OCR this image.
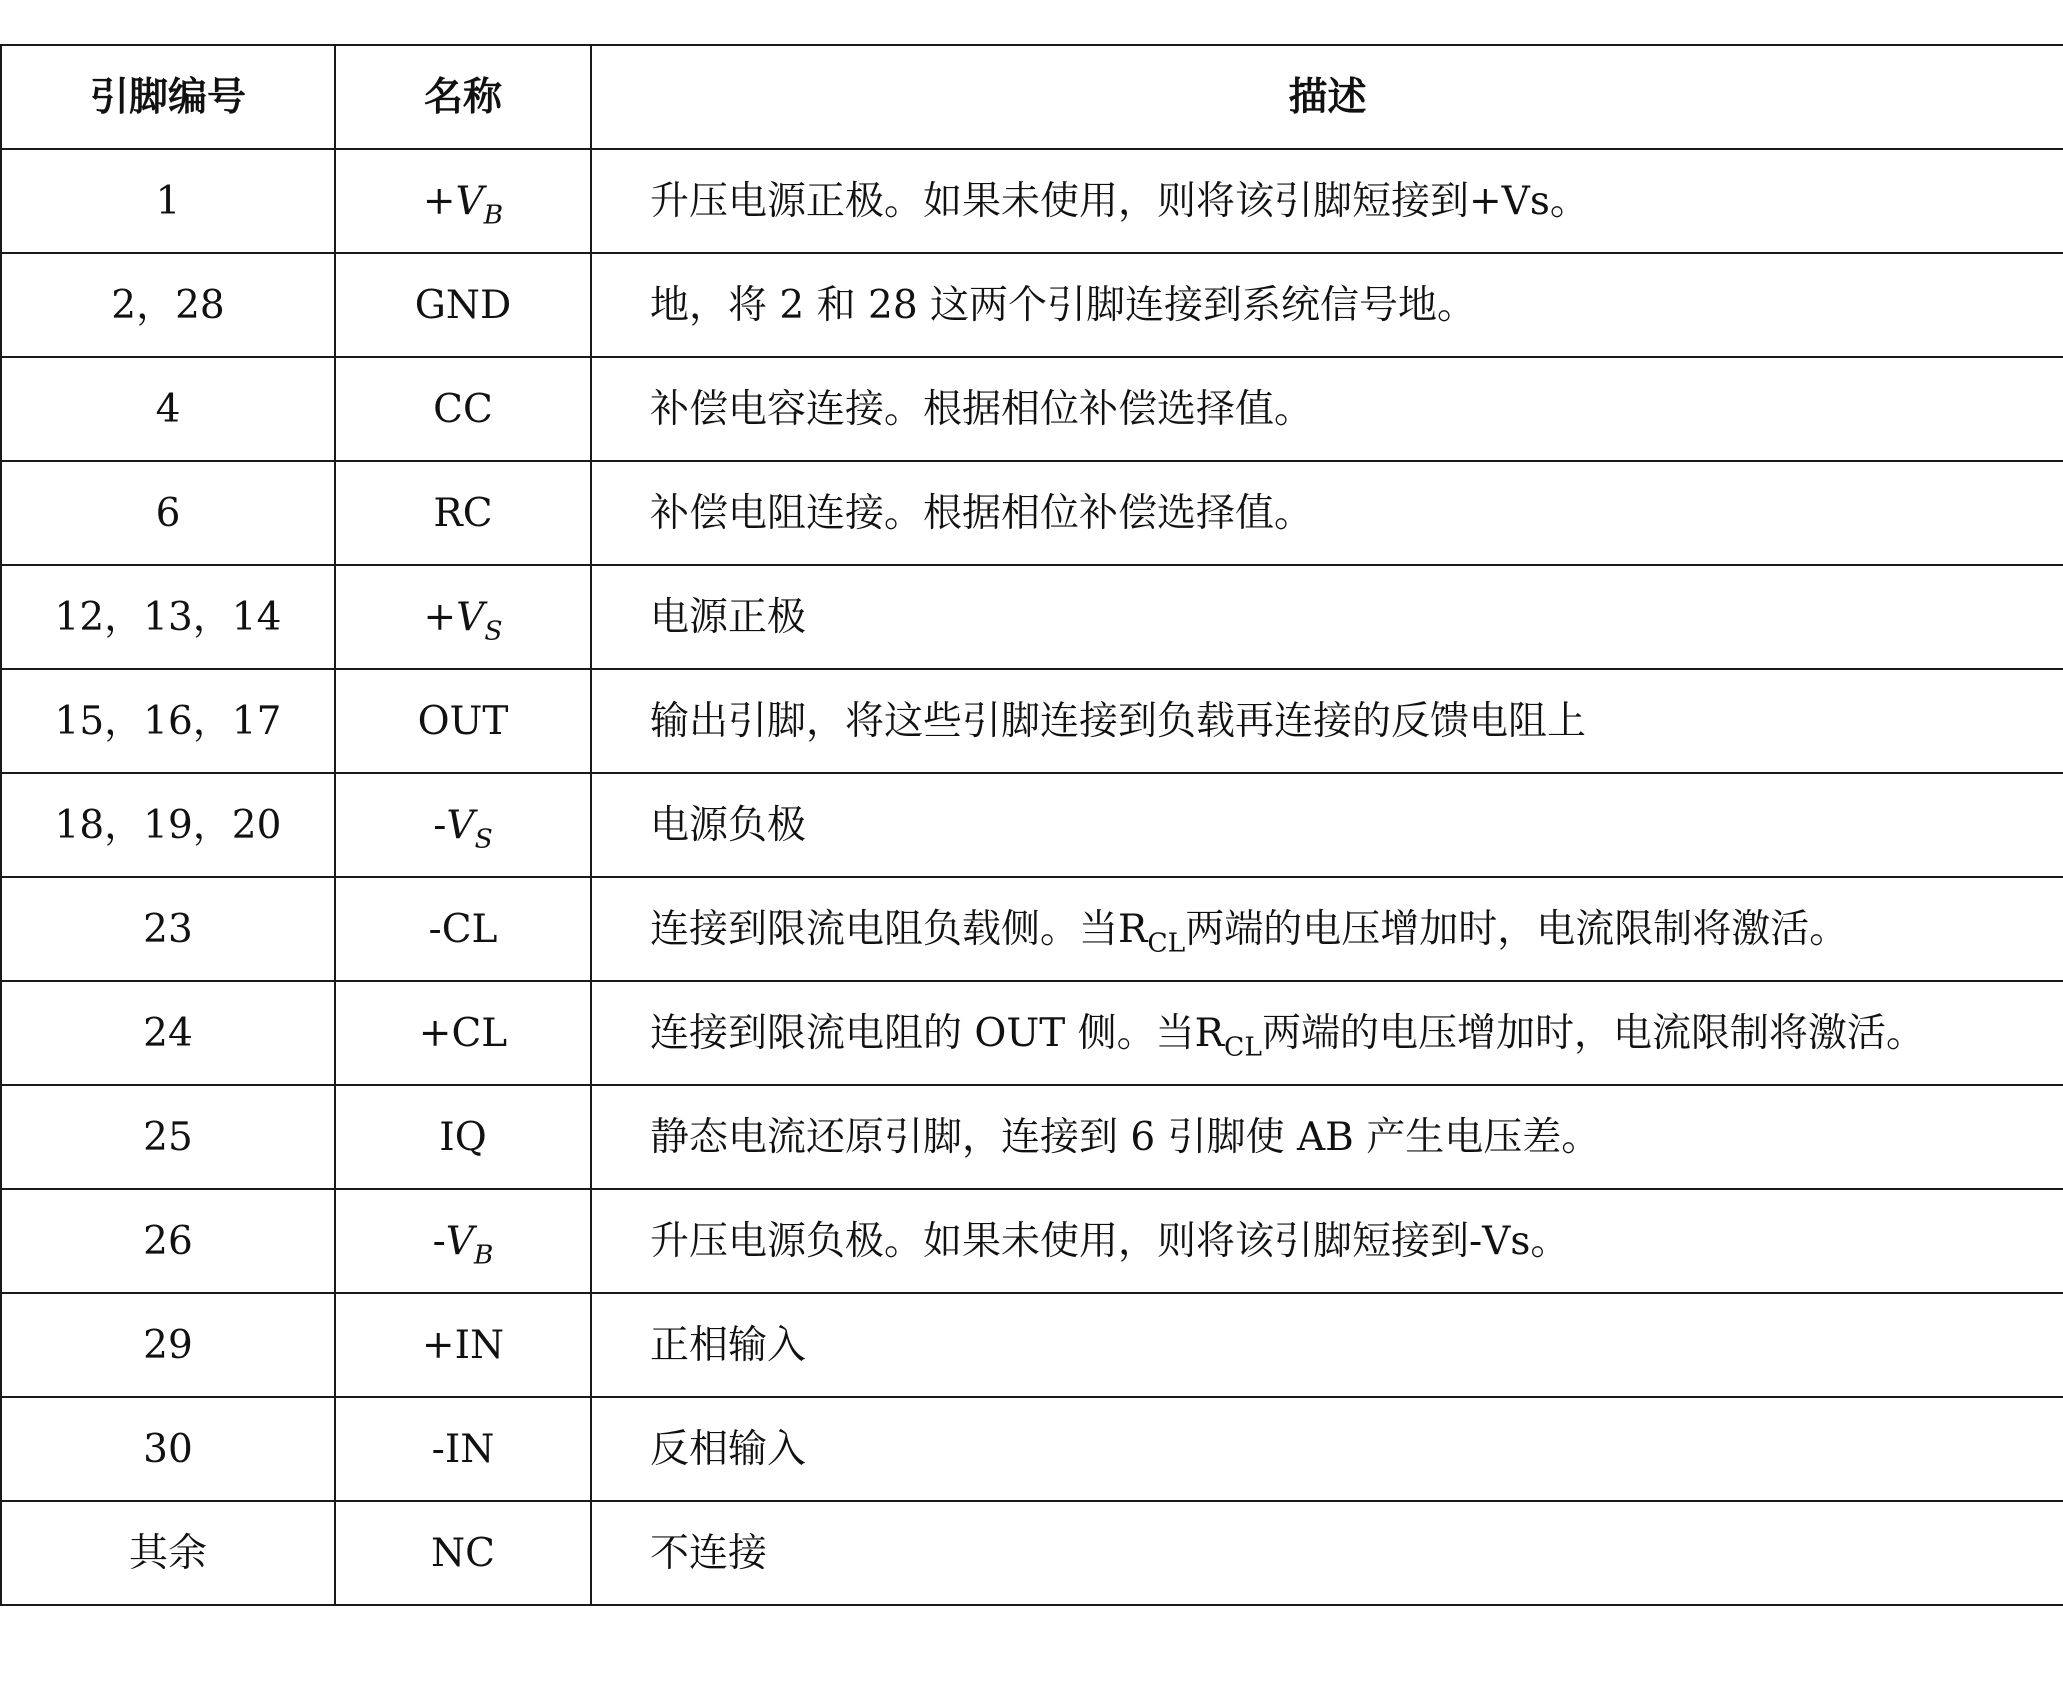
引脚编号	名称	描述
1	$+V_B$	升压电源正极。如果未使用，则将该引脚短接到+Vs。
2，28	GND	地，将 2 和 28 这两个引脚连接到系统信号地。
4	CC	补偿电容连接。根据相位补偿选择值。
6	RC	补偿电阻连接。根据相位补偿选择值。
12，13，14	$+V_S$	电源正极
15，16，17	OUT	输出引脚，将这些引脚连接到负载再连接的反馈电阻上
18，19，20	$-V_S$	电源负极
23	-CL	连接到限流电阻负载侧。当$R_{CL}$两端的电压增加时，电流限制将激活。
24	+CL	连接到限流电阻的 OUT 侧。当$R_{CL}$两端的电压增加时，电流限制将激活。
25	IQ	静态电流还原引脚，连接到 6 引脚使 AB 产生电压差。
26	$-V_B$	升压电源负极。如果未使用，则将该引脚短接到-Vs。
29	+IN	正相输入
30	-IN	反相输入
其余	NC	不连接
